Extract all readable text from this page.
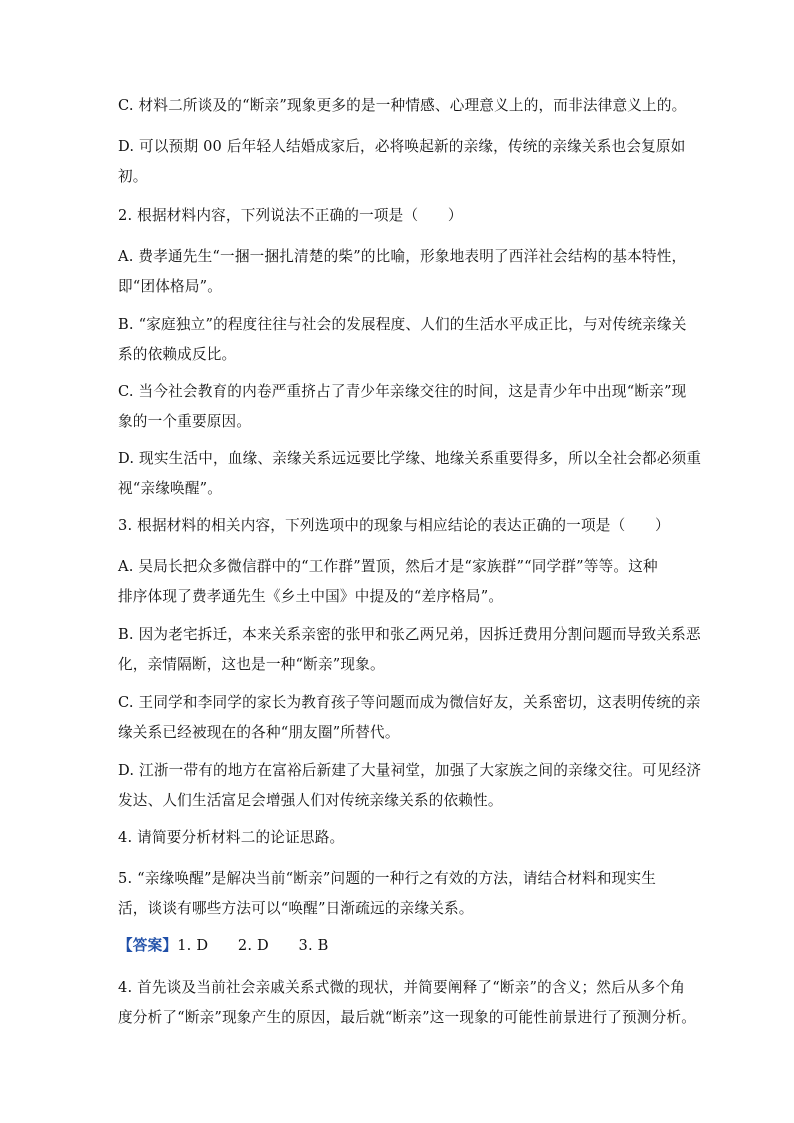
C. 材料二所谈及的“断亲”现象更多的是一种情感、心理意义上的，而非法律意义上的。
D. 可以预期 00 后年轻人结婚成家后，必将唤起新的亲缘，传统的亲缘关系也会复原如
初。
2. 根据材料内容，下列说法不正确的一项是（　　）
A. 费孝通先生“一捆一捆扎清楚的柴”的比喻，形象地表明了西洋社会结构的基本特性，
即“团体格局”。
B. “家庭独立”的程度往往与社会的发展程度、人们的生活水平成正比，与对传统亲缘关
系的依赖成反比。
C. 当今社会教育的内卷严重挤占了青少年亲缘交往的时间，这是青少年中出现“断亲”现
象的一个重要原因。
D. 现实生活中，血缘、亲缘关系远远要比学缘、地缘关系重要得多，所以全社会都必须重
视“亲缘唤醒”。
3. 根据材料的相关内容，下列选项中的现象与相应结论的表达正确的一项是（　　）
A. 吴局长把众多微信群中的“工作群”置顶，然后才是“家族群”“同学群”等等。这种
排序体现了费孝通先生《乡土中国》中提及的“差序格局”。
B. 因为老宅拆迁，本来关系亲密的张甲和张乙两兄弟，因拆迁费用分割问题而导致关系恶
化，亲情隔断，这也是一种“断亲”现象。
C. 王同学和李同学的家长为教育孩子等问题而成为微信好友，关系密切，这表明传统的亲
缘关系已经被现在的各种“朋友圈”所替代。
D. 江浙一带有的地方在富裕后新建了大量祠堂，加强了大家族之间的亲缘交往。可见经济
发达、人们生活富足会增强人们对传统亲缘关系的依赖性。
4. 请简要分析材料二的论证思路。
5. “亲缘唤醒”是解决当前“断亲”问题的一种行之有效的方法，请结合材料和现实生
活，谈谈有哪些方法可以“唤醒”日渐疏远的亲缘关系。
【答案】1. D　　2. D　　3. B
4. 首先谈及当前社会亲戚关系式微的现状，并简要阐释了“断亲”的含义；然后从多个角
度分析了“断亲”现象产生的原因，最后就“断亲”这一现象的可能性前景进行了预测分析。
